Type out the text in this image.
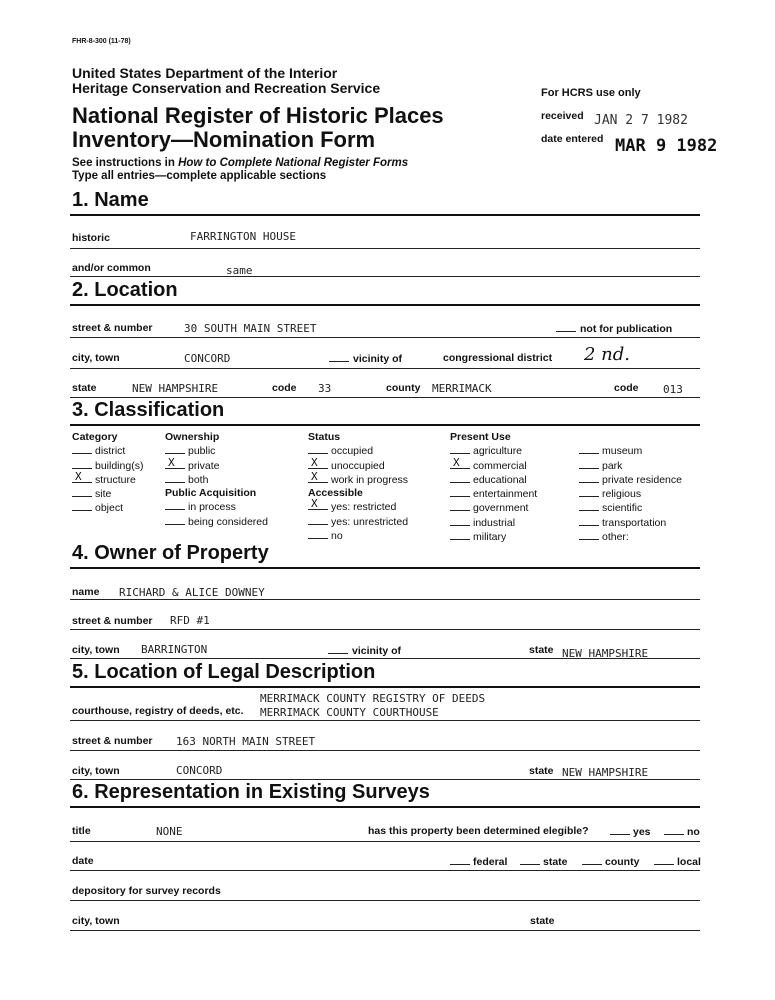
FHR-8-300 (11-78)
United States Department of the Interior
Heritage Conservation and Recreation Service
National Register of Historic Places
Inventory—Nomination Form
See instructions in How to Complete National Register Forms
Type all entries—complete applicable sections
For HCRS use only
received JAN 2 7 1982
date entered MAR 9 1982
1. Name
historic	FARRINGTON HOUSE
and/or common	same
2. Location
street & number	30 SOUTH MAIN STREET	not for publication
city, town	CONCORD	vicinity of	congressional district 2 nd.
state	NEW HAMPSHIRE	code 33	county MERRIMACK	code 013
3. Classification
Category
district
building(s)
X structure
site
object
Ownership
public
X private
both
Public Acquisition
in process
being considered
Status
occupied
X unoccupied
X work in progress
Accessible
X yes: restricted
yes: unrestricted
no
Present Use
agriculture
X commercial
educational
entertainment
government
industrial
military
museum
park
private residence
religious
scientific
transportation
other:
4. Owner of Property
name RICHARD & ALICE DOWNEY
street & number RFD #1
city, town BARRINGTON	vicinity of	state NEW HAMPSHIRE
5. Location of Legal Description
MERRIMACK COUNTY REGISTRY OF DEEDS
courthouse, registry of deeds, etc. MERRIMACK COUNTY COURTHOUSE
street & number 163 NORTH MAIN STREET
city, town	CONCORD	state NEW HAMPSHIRE
6. Representation in Existing Surveys
title	NONE	has this property been determined elegible?	yes	no
date	federal	state	county	local
depository for survey records
city, town	state
